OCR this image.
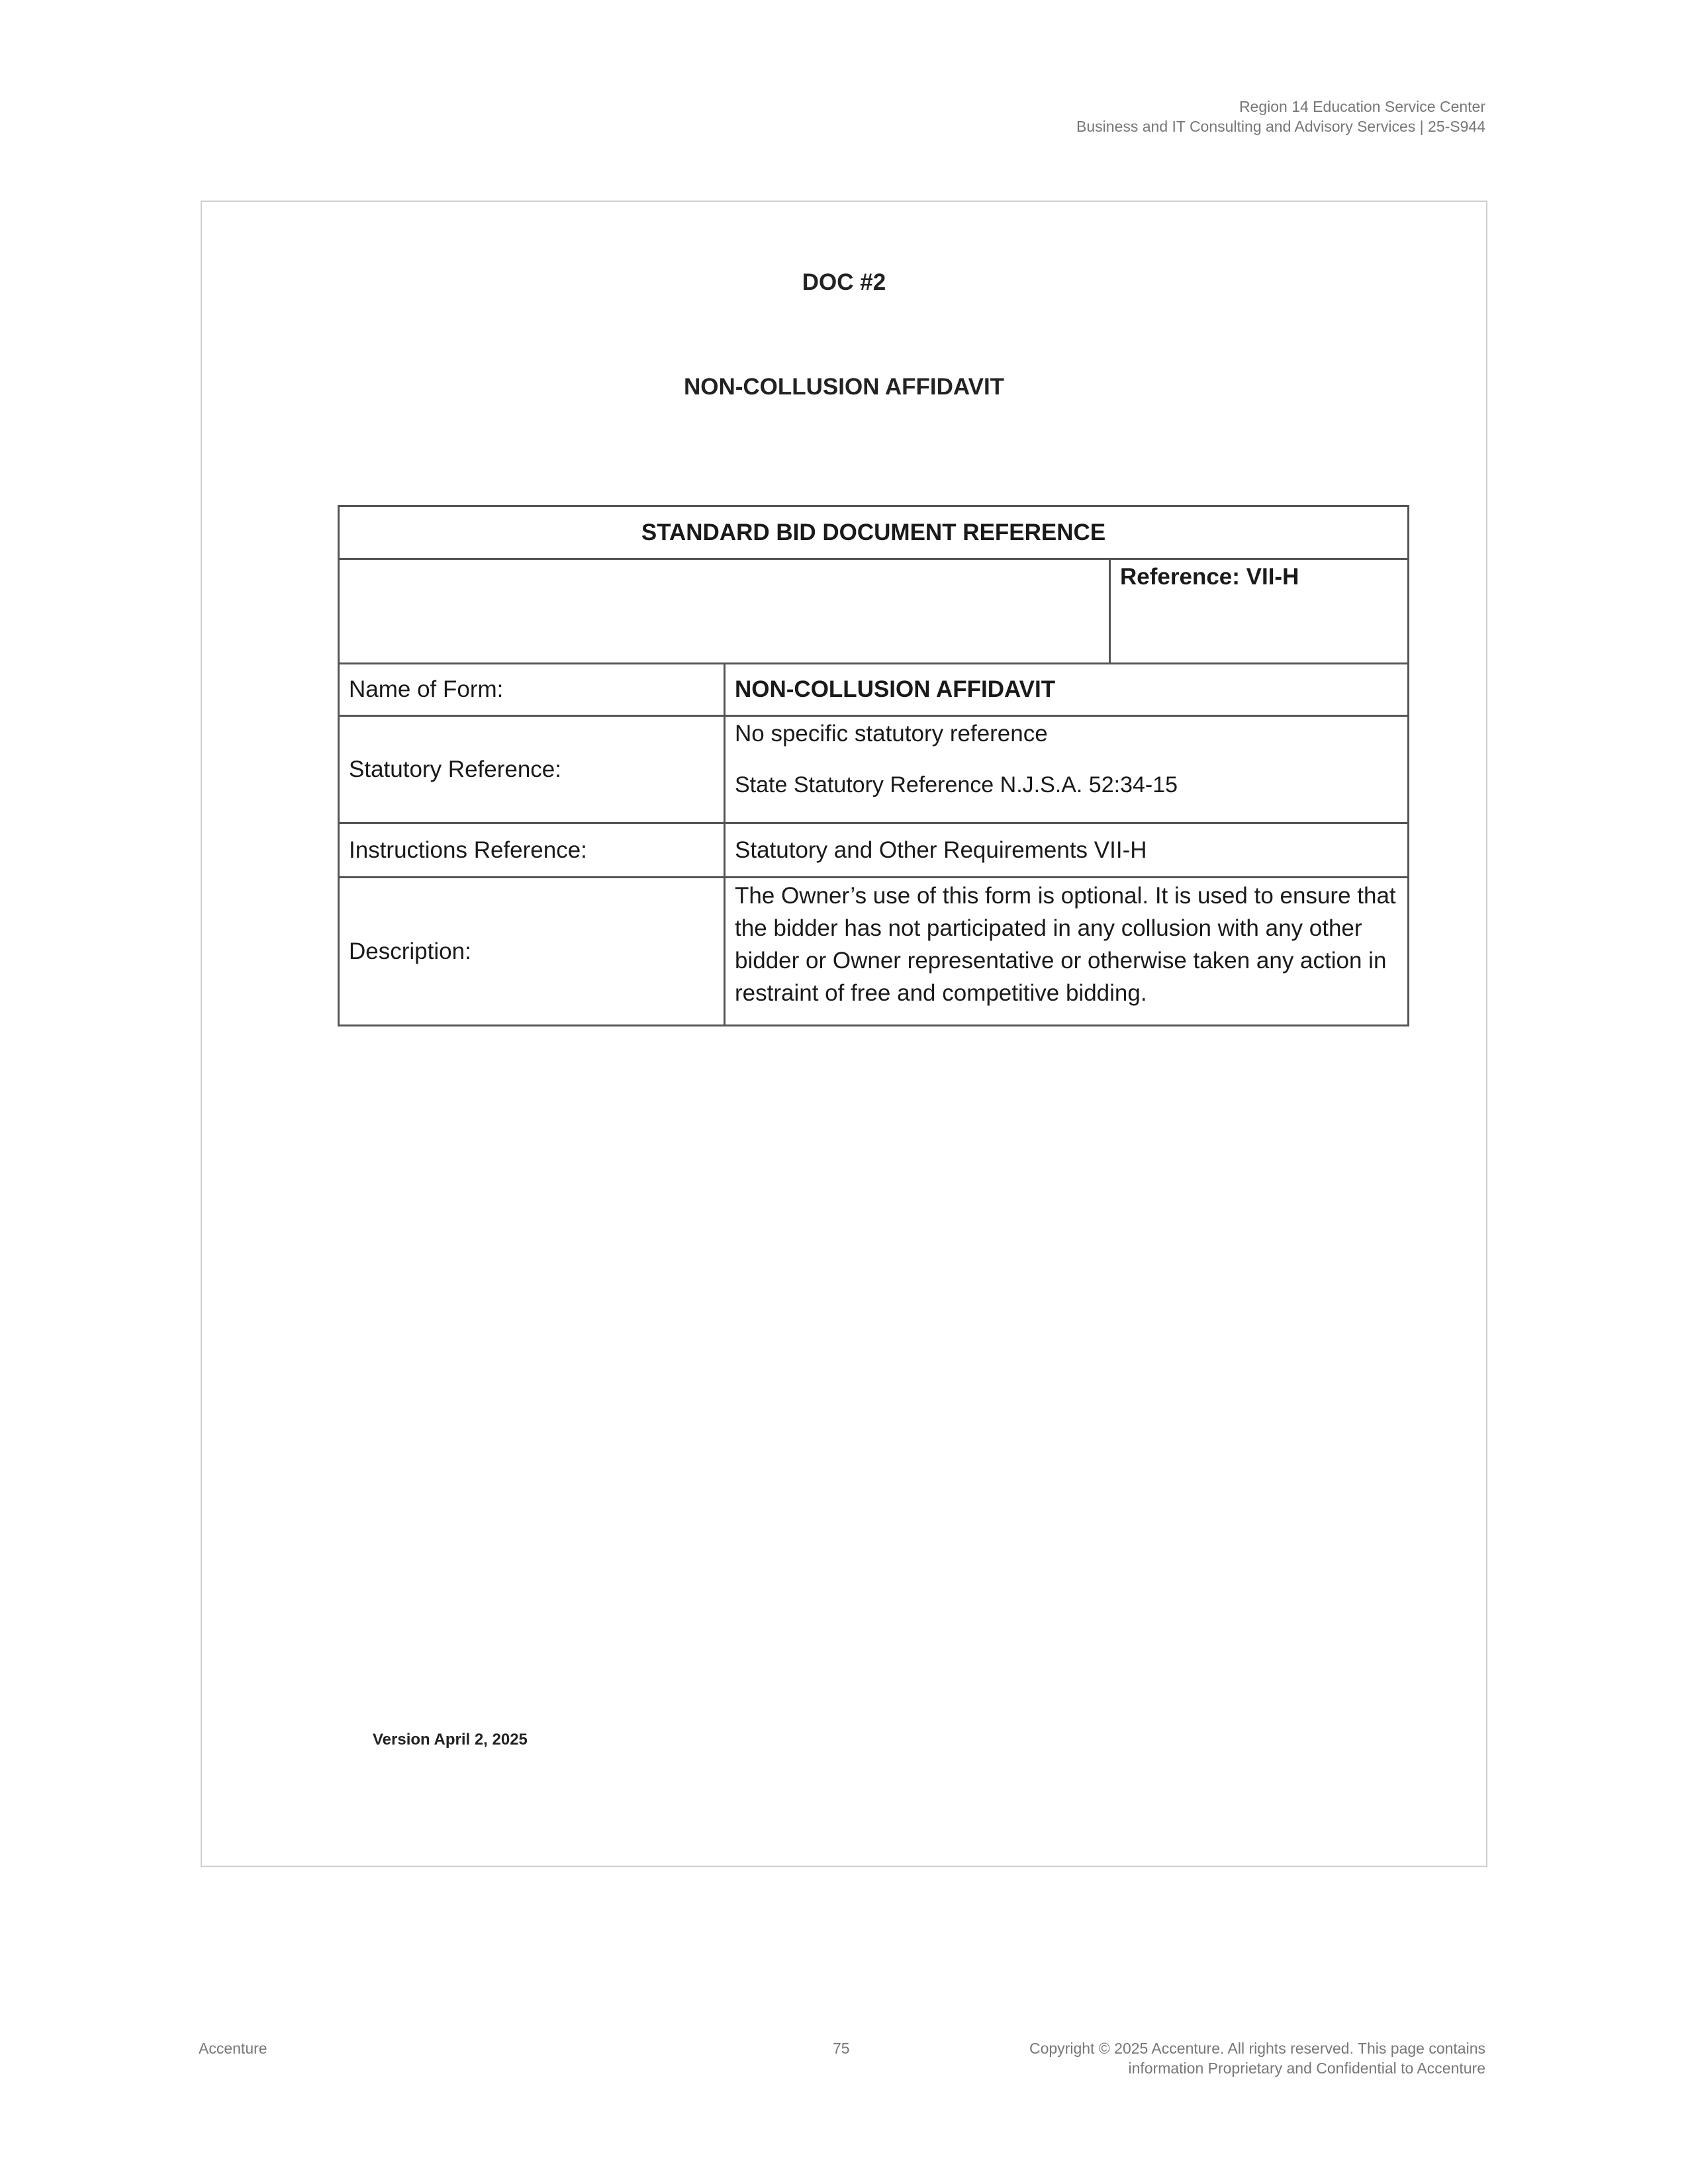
Region 14 Education Service Center
Business and IT Consulting and Advisory Services | 25-S944
DOC #2
NON-COLLUSION AFFIDAVIT
STANDARD BID DOCUMENT REFERENCE		
		Reference: VII-H
Name of Form:	NON-COLLUSION AFFIDAVIT	
Statutory Reference:	No specific statutory reference
State Statutory Reference N.J.S.A. 52:34-15	

Instructions Reference:	Statutory and Other Requirements VII-H	
Description:	The Owner’s use of this form is optional. It is used to ensure that the bidder has not participated in any collusion with any other bidder or Owner representative or otherwise taken any action in restraint of free and competitive bidding.	
Version April 2, 2025
Accenture	75	Copyright © 2025 Accenture. All rights reserved. This page contains
information Proprietary and Confidential to Accenture
